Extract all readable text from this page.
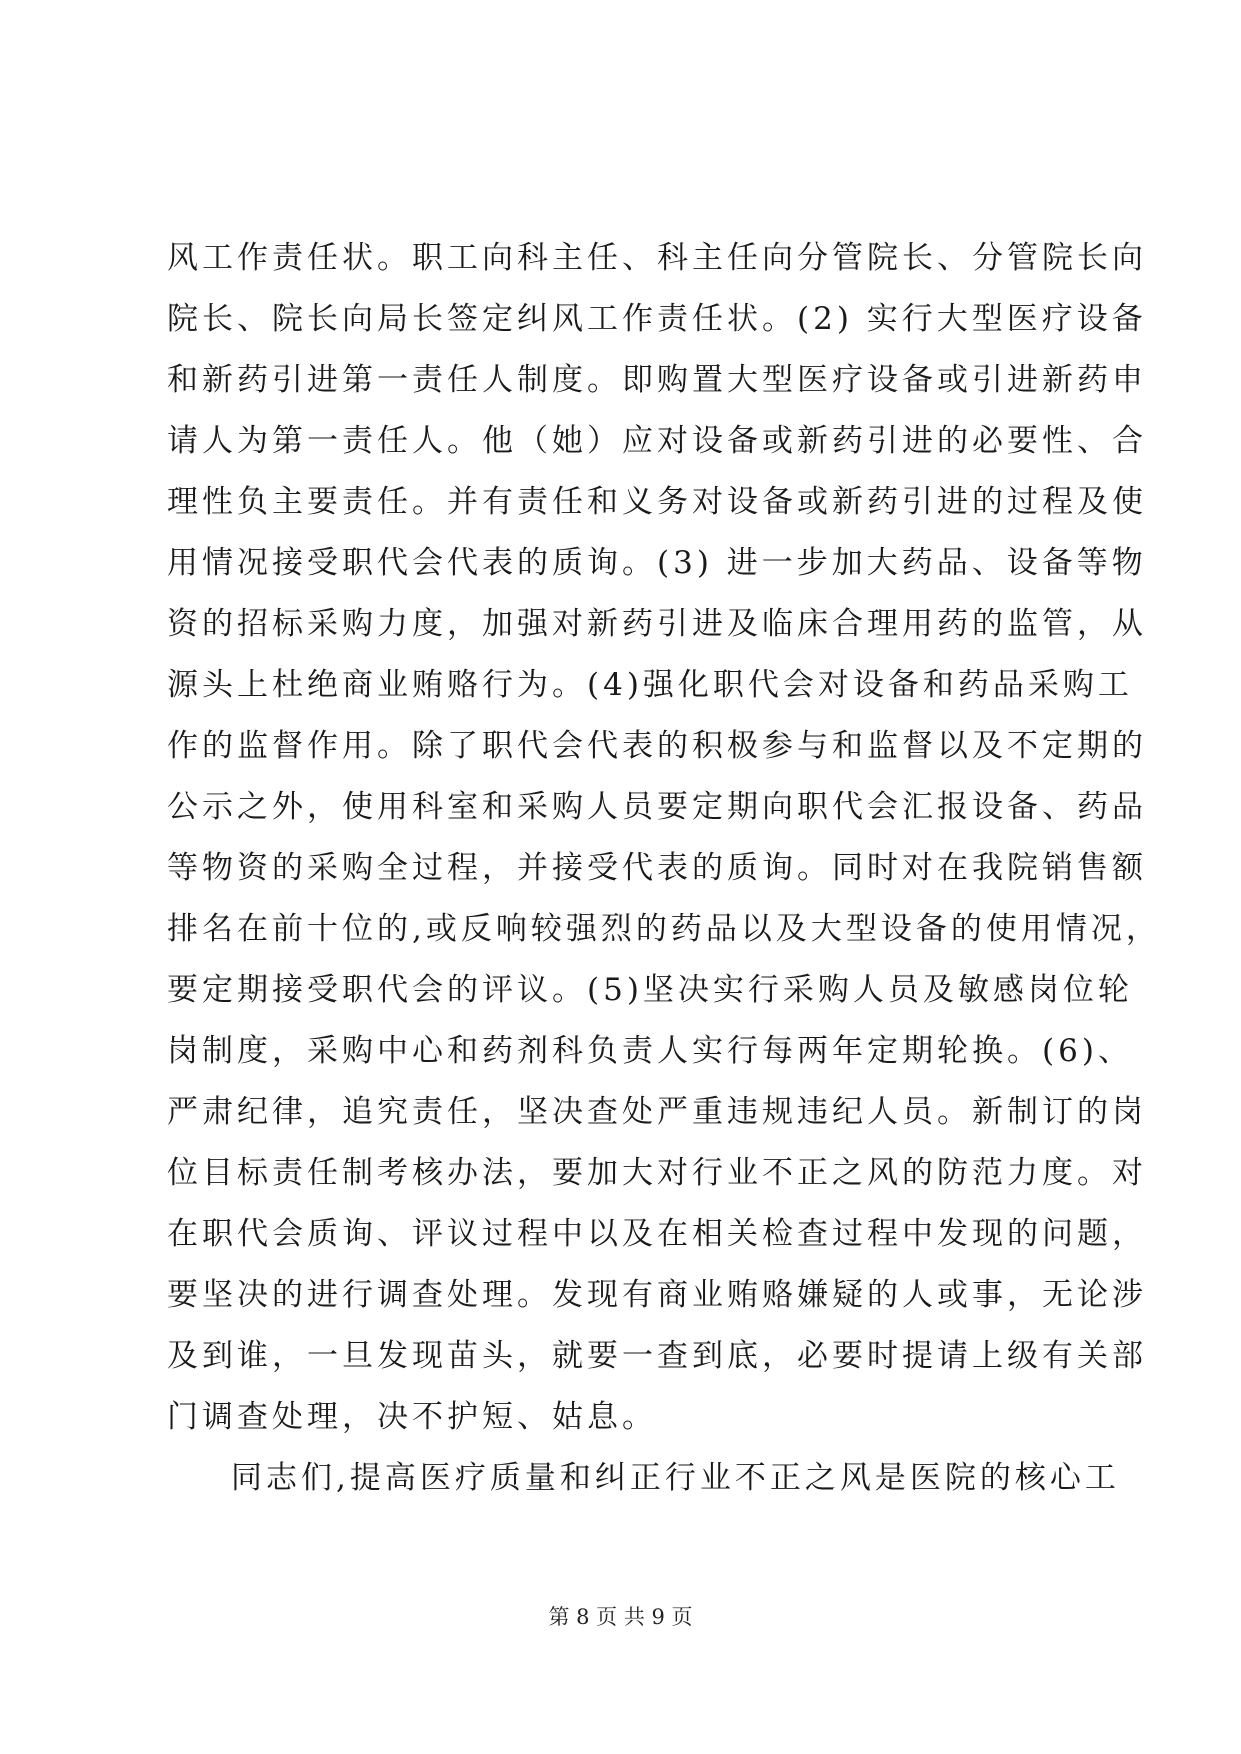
风工作责任状。职工向科主任、科主任向分管院长、分管院长向
院长、院长向局长签定纠风工作责任状。(2) 实行大型医疗设备
和新药引进第一责任人制度。即购置大型医疗设备或引进新药申
请人为第一责任人。他（她）应对设备或新药引进的必要性、合
理性负主要责任。并有责任和义务对设备或新药引进的过程及使
用情况接受职代会代表的质询。(3) 进一步加大药品、设备等物
资的招标采购力度，加强对新药引进及临床合理用药的监管，从
源头上杜绝商业贿赂行为。(4)强化职代会对设备和药品采购工
作的监督作用。除了职代会代表的积极参与和监督以及不定期的
公示之外，使用科室和采购人员要定期向职代会汇报设备、药品
等物资的采购全过程，并接受代表的质询。同时对在我院销售额
排名在前十位的,或反响较强烈的药品以及大型设备的使用情况，
要定期接受职代会的评议。(5)坚决实行采购人员及敏感岗位轮
岗制度，采购中心和药剂科负责人实行每两年定期轮换。(6)、
严肃纪律，追究责任，坚决查处严重违规违纪人员。新制订的岗
位目标责任制考核办法，要加大对行业不正之风的防范力度。对
在职代会质询、评议过程中以及在相关检查过程中发现的问题，
要坚决的进行调查处理。发现有商业贿赂嫌疑的人或事，无论涉
及到谁，一旦发现苗头，就要一查到底，必要时提请上级有关部
门调查处理，决不护短、姑息。
同志们,提高医疗质量和纠正行业不正之风是医院的核心工
第 8 页 共 9 页
